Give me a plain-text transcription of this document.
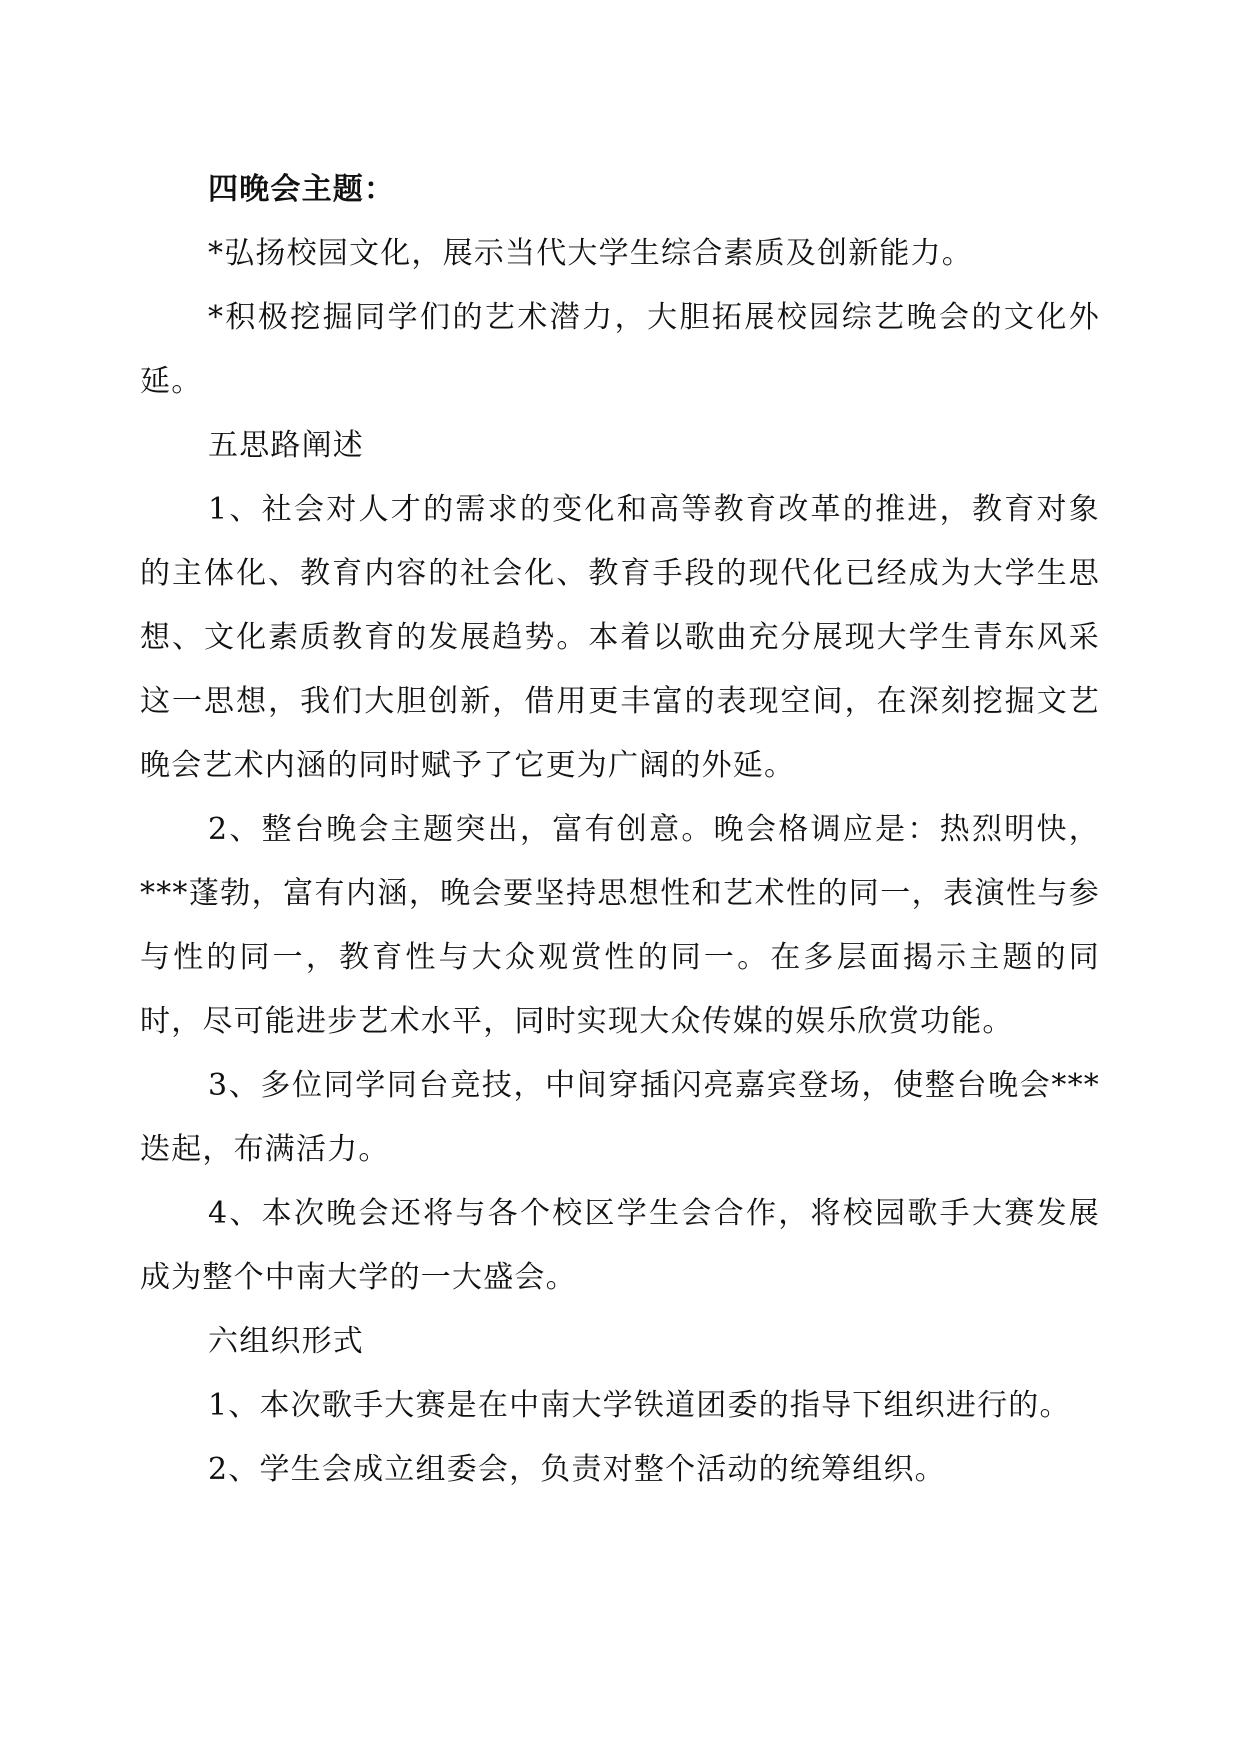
四晚会主题：

*弘扬校园文化，展示当代大学生综合素质及创新能力。

*积极挖掘同学们的艺术潜力，大胆拓展校园综艺晚会的文化外延。

五思路阐述

1、社会对人才的需求的变化和高等教育改革的推进，教育对象的主体化、教育内容的社会化、教育手段的现代化已经成为大学生思想、文化素质教育的发展趋势。本着以歌曲充分展现大学生青东风采这一思想，我们大胆创新，借用更丰富的表现空间，在深刻挖掘文艺晚会艺术内涵的同时赋予了它更为广阔的外延。

2、整台晚会主题突出，富有创意。晚会格调应是：热烈明快，***蓬勃，富有内涵，晚会要坚持思想性和艺术性的同一，表演性与参与性的同一，教育性与大众观赏性的同一。在多层面揭示主题的同时，尽可能进步艺术水平，同时实现大众传媒的娱乐欣赏功能。

3、多位同学同台竞技，中间穿插闪亮嘉宾登场，使整台晚会***迭起，布满活力。

4、本次晚会还将与各个校区学生会合作，将校园歌手大赛发展成为整个中南大学的一大盛会。

六组织形式

1、本次歌手大赛是在中南大学铁道团委的指导下组织进行的。

2、学生会成立组委会，负责对整个活动的统筹组织。
